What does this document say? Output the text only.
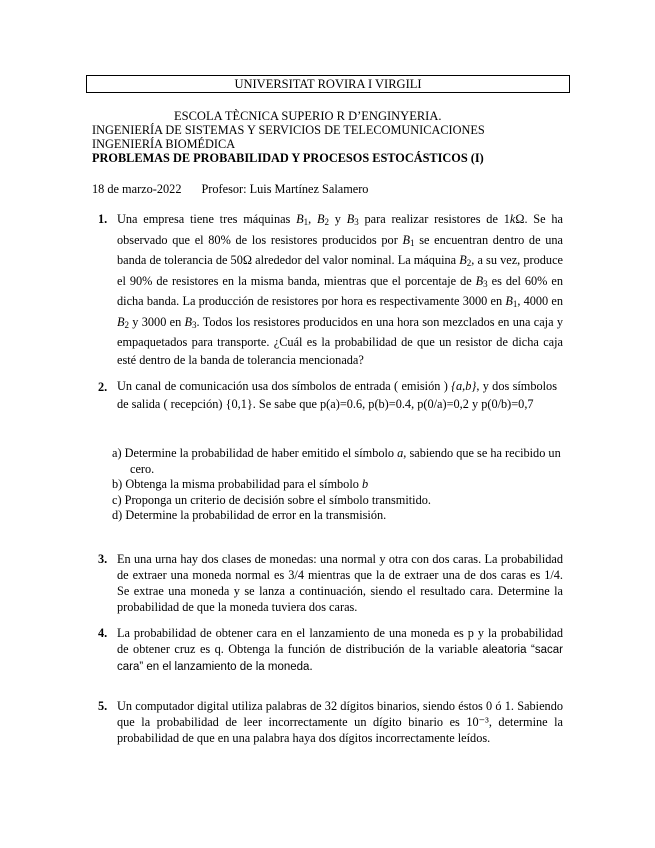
UNIVERSITAT ROVIRA I VIRGILI
ESCOLA TÈCNICA SUPERIO R D’ENGINYERIA.
INGENIERÍA DE SISTEMAS Y SERVICIOS DE TELECOMUNICACIONES
INGENIERÍA BIOMÉDICA
PROBLEMAS DE PROBABILIDAD Y PROCESOS ESTOCÁSTICOS (I)
18 de marzo-2022 Profesor: Luis Martínez Salamero
1. Una empresa tiene tres máquinas B1, B2 y B3 para realizar resistores de 1kΩ. Se ha observado que el 80% de los resistores producidos por B1 se encuentran dentro de una banda de tolerancia de 50Ω alrededor del valor nominal. La máquina B2, a su vez, produce el 90% de resistores en la misma banda, mientras que el porcentaje de B3 es del 60% en dicha banda. La producción de resistores por hora es respectivamente 3000 en B1, 4000 en B2 y 3000 en B3. Todos los resistores producidos en una hora son mezclados en una caja y empaquetados para transporte. ¿Cuál es la probabilidad de que un resistor de dicha caja esté dentro de la banda de tolerancia mencionada?
2. Un canal de comunicación usa dos símbolos de entrada ( emisión ) {a,b}, y dos símbolos de salida ( recepción) {0,1}. Se sabe que p(a)=0.6, p(b)=0.4, p(0/a)=0,2 y p(0/b)=0,7
a) Determine la probabilidad de haber emitido el símbolo a, sabiendo que se ha recibido un cero.
b) Obtenga la misma probabilidad para el símbolo b
c) Proponga un criterio de decisión sobre el símbolo transmitido.
d) Determine la probabilidad de error en la transmisión.
3. En una urna hay dos clases de monedas: una normal y otra con dos caras. La probabilidad de extraer una moneda normal es 3/4 mientras que la de extraer una de dos caras es 1/4. Se extrae una moneda y se lanza a continuación, siendo el resultado cara. Determine la probabilidad de que la moneda tuviera dos caras.
4. La probabilidad de obtener cara en el lanzamiento de una moneda es p y la probabilidad de obtener cruz es q. Obtenga la función de distribución de la variable aleatoria “sacar cara” en el lanzamiento de la moneda.
5. Un computador digital utiliza palabras de 32 dígitos binarios, siendo éstos 0 ó 1. Sabiendo que la probabilidad de leer incorrectamente un dígito binario es 10⁻³, determine la probabilidad de que en una palabra haya dos dígitos incorrectamente leídos.
